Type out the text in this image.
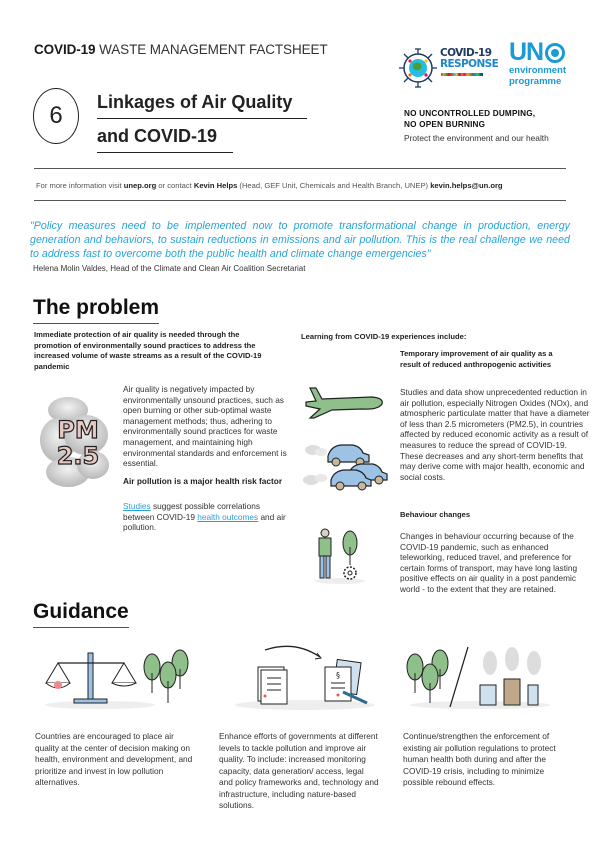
COVID-19 WASTE MANAGEMENT FACTSHEET
6 Linkages of Air Quality
and COVID-19
COVID-19
RESPONSE UN
environment
programme
NO UNCONTROLLED DUMPING,
NO OPEN BURNING
Protect the environment and our health
For more information visit unep.org or contact Kevin Helps (Head, GEF Unit, Chemicals and Health Branch, UNEP) kevin.helps@un.org
"Policy measures need to be implemented now to promote transformational change in production, energy generation and behaviors, to sustain reductions in emissions and air pollution. This is the real challenge we need to address fast to overcome both the public health and climate change emergencies"
Helena Molin Valdes, Head of the Climate and Clean Air Coalition Secretariat
The problem
Immediate protection of air quality is needed through the promotion of environmentally sound practices to address the increased volume of waste streams as a result of the COVID-19 pandemic
PM
2.5
Air quality is negatively impacted by environmentally unsound practices, such as open burning or other sub-optimal waste management methods; thus, adhering to environmentally sound practices for waste management, and maintaining high environmental standards and enforcement is essential.
Air pollution is a major health risk factor
Studies suggest possible correlations between COVID-19 health outcomes and air pollution.
Learning from COVID-19 experiences include:
Temporary improvement of air quality as a result of reduced anthropogenic activities
Studies and data show unprecedented reduction in air pollution, especially Nitrogen Oxides (NOx), and atmospheric particulate matter that have a diameter of less than 2.5 micrometers (PM2.5), in countries affected by reduced economic activity as a result of measures to reduce the spread of COVID-19. These decreases and any short-term benefits that may derive come with major health, economic and social costs.
Behaviour changes
Changes in behaviour occurring because of the COVID-19 pandemic, such as enhanced teleworking, reduced travel, and preference for certain forms of transport, may have long lasting positive effects on air quality in a post pandemic world - to the extent that they are retained.
Guidance
§
Countries are encouraged to place air quality at the center of decision making on health, environment and development, and prioritize and invest in low pollution alternatives.
Enhance efforts of governments at different levels to tackle pollution and improve air quality. To include: increased monitoring capacity, data generation/ access, legal and policy frameworks and, technology and infrastructure, including nature-based solutions.
Continue/strengthen the enforcement of existing air pollution regulations to protect human health both during and after the COVID-19 crisis, including to minimize possible rebound effects.
